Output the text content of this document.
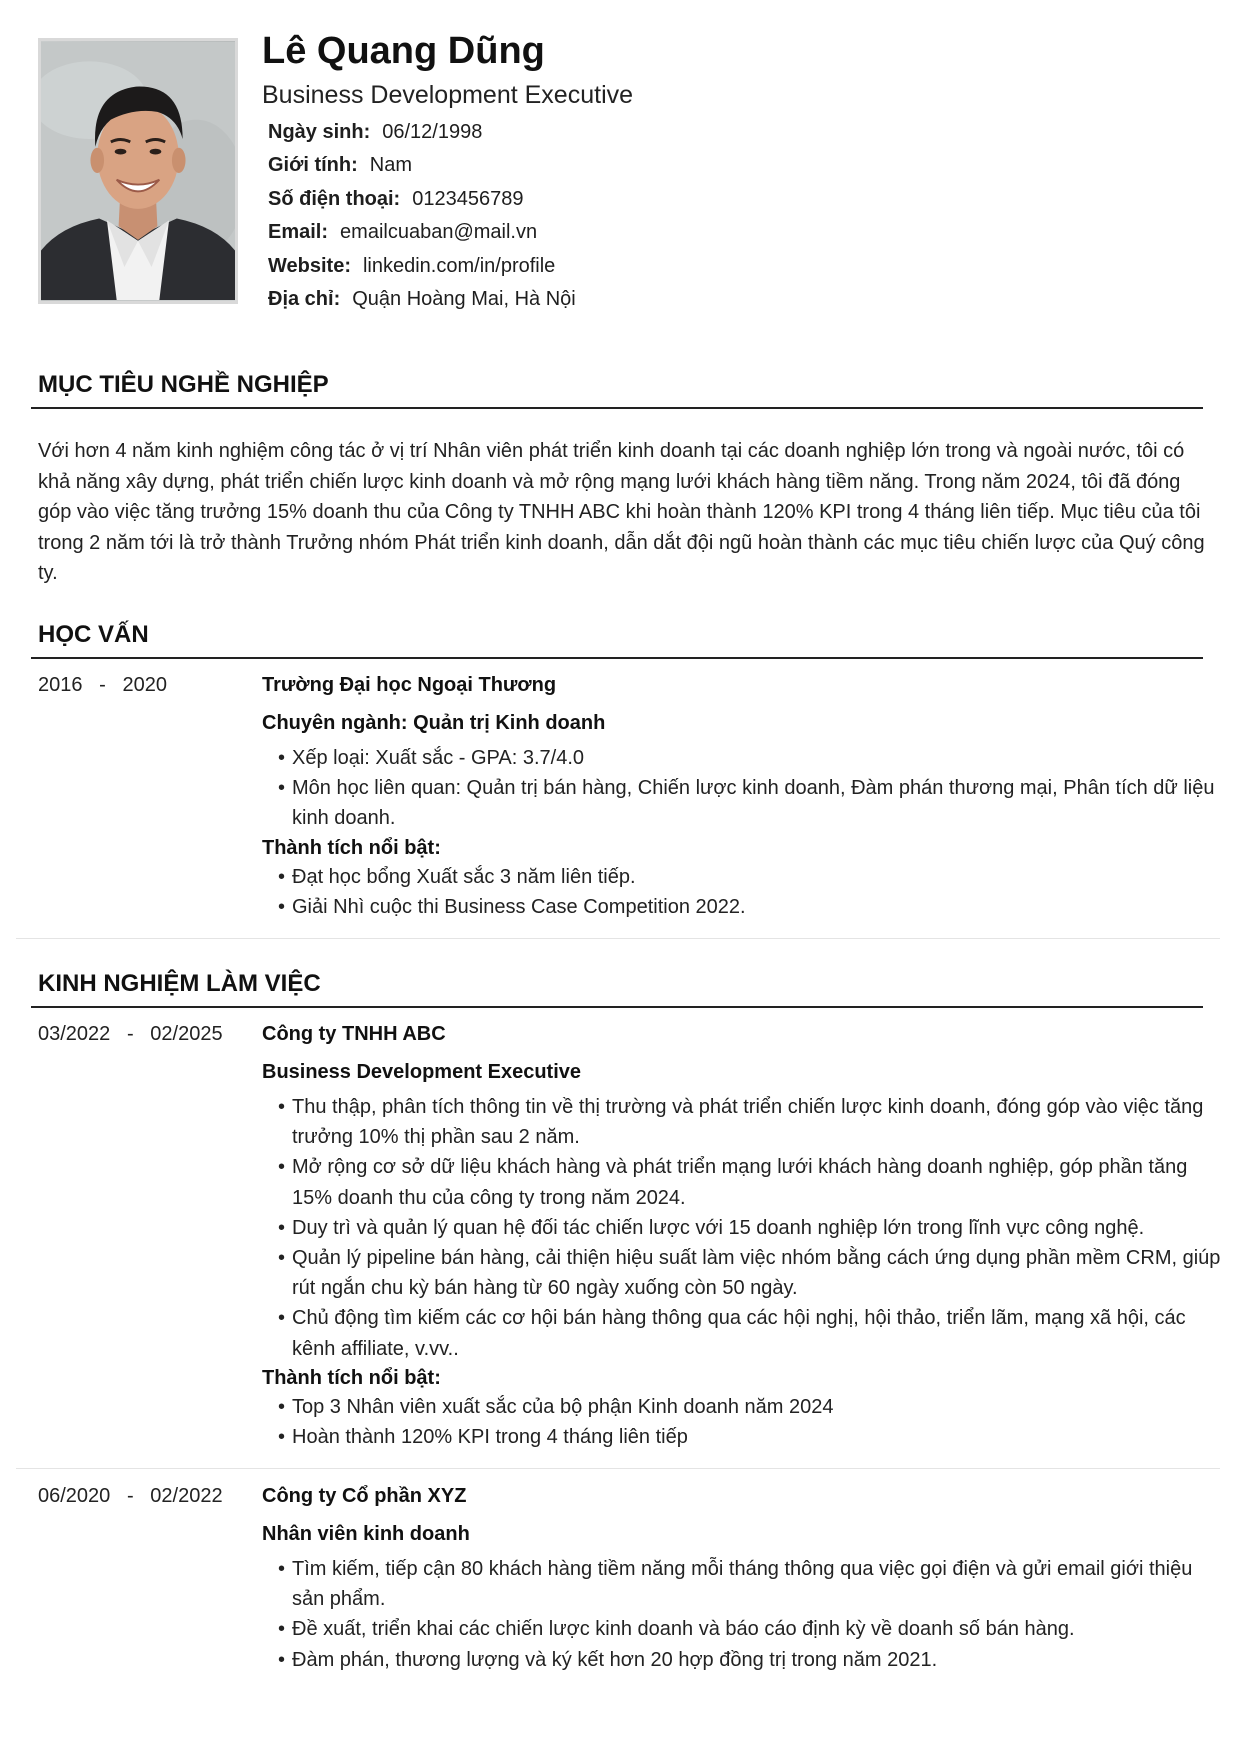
Lê Quang Dũng
Business Development Executive
Ngày sinh: 06/12/1998
Giới tính: Nam
Số điện thoại: 0123456789
Email: emailcuaban@mail.vn
Website: linkedin.com/in/profile
Địa chỉ: Quận Hoàng Mai, Hà Nội
MỤC TIÊU NGHỀ NGHIỆP

Với hơn 4 năm kinh nghiệm công tác ở vị trí Nhân viên phát triển kinh doanh tại các doanh nghiệp lớn trong và ngoài nước, tôi có khả năng xây dựng, phát triển chiến lược kinh doanh và mở rộng mạng lưới khách hàng tiềm năng. Trong năm 2024, tôi đã đóng góp vào việc tăng trưởng 15% doanh thu của Công ty TNHH ABC khi hoàn thành 120% KPI trong 4 tháng liên tiếp. Mục tiêu của tôi trong 2 năm tới là trở thành Trưởng nhóm Phát triển kinh doanh, dẫn dắt đội ngũ hoàn thành các mục tiêu chiến lược của Quý công ty.

HỌC VẤN
2016   -   2020	Trường Đại học Ngoại Thương
Chuyên ngành: Quản trị Kinh doanh
• Xếp loại: Xuất sắc - GPA: 3.7/4.0
• Môn học liên quan: Quản trị bán hàng, Chiến lược kinh doanh, Đàm phán thương mại, Phân tích dữ liệu kinh doanh.
Thành tích nổi bật:
• Đạt học bổng Xuất sắc 3 năm liên tiếp.
• Giải Nhì cuộc thi Business Case Competition 2022.
KINH NGHIỆM LÀM VIỆC
03/2022   -   02/2025 Công ty TNHH ABC
Business Development Executive
• Thu thập, phân tích thông tin về thị trường và phát triển chiến lược kinh doanh, đóng góp vào việc tăng trưởng 10% thị phần sau 2 năm.
• Mở rộng cơ sở dữ liệu khách hàng và phát triển mạng lưới khách hàng doanh nghiệp, góp phần tăng 15% doanh thu của công ty trong năm 2024.
• Duy trì và quản lý quan hệ đối tác chiến lược với 15 doanh nghiệp lớn trong lĩnh vực công nghệ.
• Quản lý pipeline bán hàng, cải thiện hiệu suất làm việc nhóm bằng cách ứng dụng phần mềm CRM, giúp rút ngắn chu kỳ bán hàng từ 60 ngày xuống còn 50 ngày.
• Chủ động tìm kiếm các cơ hội bán hàng thông qua các hội nghị, hội thảo, triển lãm, mạng xã hội, các kênh affiliate, v.vv..
Thành tích nổi bật:
• Top 3 Nhân viên xuất sắc của bộ phận Kinh doanh năm 2024
• Hoàn thành 120% KPI trong 4 tháng liên tiếp
06/2020   -   02/2022 Công ty Cổ phần XYZ
Nhân viên kinh doanh
• Tìm kiếm, tiếp cận 80 khách hàng tiềm năng mỗi tháng thông qua việc gọi điện và gửi email giới thiệu sản phẩm.
• Đề xuất, triển khai các chiến lược kinh doanh và báo cáo định kỳ về doanh số bán hàng.
• Đàm phán, thương lượng và ký kết hơn 20 hợp đồng trị trong năm 2021.
